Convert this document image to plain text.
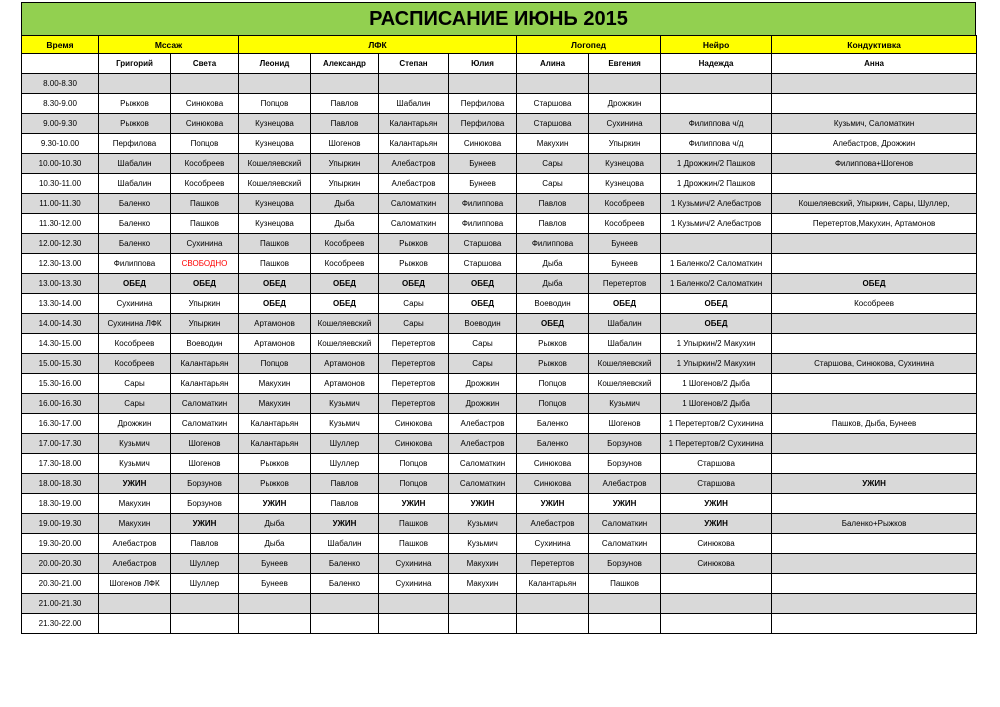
РАСПИСАНИЕ ИЮНЬ 2015
Время	Мссаж		ЛФК				Логопед		Нейро	Кондуктивка
	Григорий	Света	Леонид	Александр	Степан	Юлия	Алина	Евгения	Надежда	Анна
8.00-8.30										
8.30-9.00	Рыжков	Синюкова	Попцов	Павлов	Шабалин	Перфилова	Старшова	Дрожжин		
9.00-9.30	Рыжков	Синюкова	Кузнецова	Павлов	Калантарьян	Перфилова	Старшова	Сухинина	Филиппова ч/д	Кузьмич, Саломаткин
9.30-10.00	Перфилова	Попцов	Кузнецова	Шогенов	Калантарьян	Синюкова	Макухин	Упыркин	Филиппова ч/д	Алебастров, Дрожжин
10.00-10.30	Шабалин	Кособреев	Кошеляевский	Упыркин	Алебастров	Бунеев	Сары	Кузнецова	1 Дрожжин/2 Пашков	Филиппова+Шогенов
10.30-11.00	Шабалин	Кособреев	Кошеляевский	Упыркин	Алебастров	Бунеев	Сары	Кузнецова	1 Дрожжин/2 Пашков	
11.00-11.30	Баленко	Пашков	Кузнецова	Дыба	Саломаткин	Филиппова	Павлов	Кособреев	1 Кузьмич/2 Алебастров	Кошеляевский, Упыркин, Сары, Шуллер,
11.30-12.00	Баленко	Пашков	Кузнецова	Дыба	Саломаткин	Филиппова	Павлов	Кособреев	1 Кузьмич/2 Алебастров	Перетертов,Макухин, Артамонов
12.00-12.30	Баленко	Сухинина	Пашков	Кособреев	Рыжков	Старшова	Филиппова	Бунеев		
12.30-13.00	Филиппова	СВОБОДНО	Пашков	Кособреев	Рыжков	Старшова	Дыба	Бунеев	1 Баленко/2 Саломаткин	
13.00-13.30	ОБЕД	ОБЕД	ОБЕД	ОБЕД	ОБЕД	ОБЕД	Дыба	Перетертов	1 Баленко/2 Саломаткин	ОБЕД
13.30-14.00	Сухинина	Упыркин	ОБЕД	ОБЕД	Сары	ОБЕД	Воеводин	ОБЕД	ОБЕД	Кособреев
14.00-14.30	Сухинина ЛФК	Упыркин	Артамонов	Кошеляевский	Сары	Воеводин	ОБЕД	Шабалин	ОБЕД	
14.30-15.00	Кособреев	Воеводин	Артамонов	Кошеляевский	Перетертов	Сары	Рыжков	Шабалин	1 Упыркин/2 Макухин	
15.00-15.30	Кособреев	Калантарьян	Попцов	Артамонов	Перетертов	Сары	Рыжков	Кошеляевский	1 Упыркин/2 Макухин	Старшова, Синюкова, Сухинина
15.30-16.00	Сары	Калантарьян	Макухин	Артамонов	Перетертов	Дрожжин	Попцов	Кошеляевский	1 Шогенов/2 Дыба	
16.00-16.30	Сары	Саломаткин	Макухин	Кузьмич	Перетертов	Дрожжин	Попцов	Кузьмич	1 Шогенов/2 Дыба	
16.30-17.00	Дрожжин	Саломаткин	Калантарьян	Кузьмич	Синюкова	Алебастров	Баленко	Шогенов	1 Перетертов/2 Сухинина	Пашков, Дыба, Бунеев
17.00-17.30	Кузьмич	Шогенов	Калантарьян	Шуллер	Синюкова	Алебастров	Баленко	Борзунов	1 Перетертов/2 Сухинина	
17.30-18.00	Кузьмич	Шогенов	Рыжков	Шуллер	Попцов	Саломаткин	Синюкова	Борзунов	Старшова	
18.00-18.30	УЖИН	Борзунов	Рыжков	Павлов	Попцов	Саломаткин	Синюкова	Алебастров	Старшова	УЖИН
18.30-19.00	Макухин	Борзунов	УЖИН	Павлов	УЖИН	УЖИН	УЖИН	УЖИН	УЖИН	
19.00-19.30	Макухин	УЖИН	Дыба	УЖИН	Пашков	Кузьмич	Алебастров	Саломаткин	УЖИН	Баленко+Рыжков
19.30-20.00	Алебастров	Павлов	Дыба	Шабалин	Пашков	Кузьмич	Сухинина	Саломаткин	Синюкова	
20.00-20.30	Алебастров	Шуллер	Бунеев	Баленко	Сухинина	Макухин	Перетертов	Борзунов	Синюкова	
20.30-21.00	Шогенов ЛФК	Шуллер	Бунеев	Баленко	Сухинина	Макухин	Калантарьян	Пашков		
21.00-21.30										
21.30-22.00										
